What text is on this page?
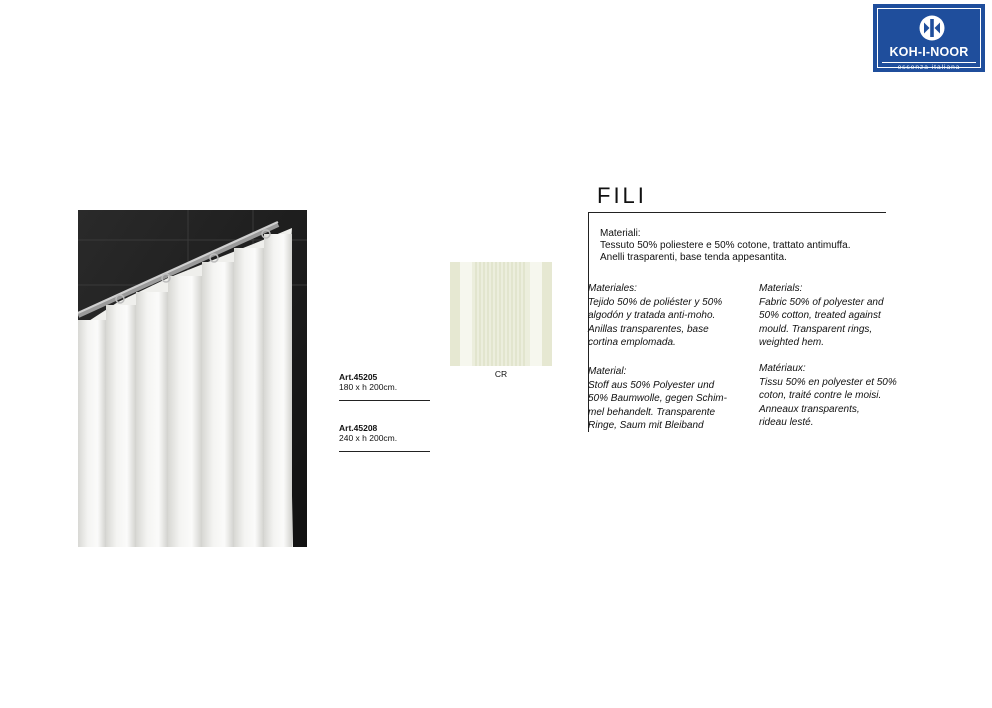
KOH-I-NOOR
essenza italiana
Art.45205
180 x h 200cm.
Art.45208
240 x h 200cm.
CR
FILI
Materiali:
Tessuto 50% poliestere e 50% cotone, trattato antimuffa.
Anelli trasparenti, base tenda appesantita.
Materiales:
Tejido 50% de poliéster y 50%
algodón y tratada anti-moho.
Anillas transparentes, base
cortina emplomada.
Materials:
Fabric 50% of polyester and
50% cotton, treated against
mould. Transparent rings,
weighted hem.
Material:
Stoff aus 50% Polyester und
50% Baumwolle, gegen Schim-
mel behandelt. Transparente
Ringe, Saum mit Bleiband
Matériaux:
Tissu 50% en polyester et 50%
coton, traité contre le moisi.
Anneaux transparents,
rideau lesté.
